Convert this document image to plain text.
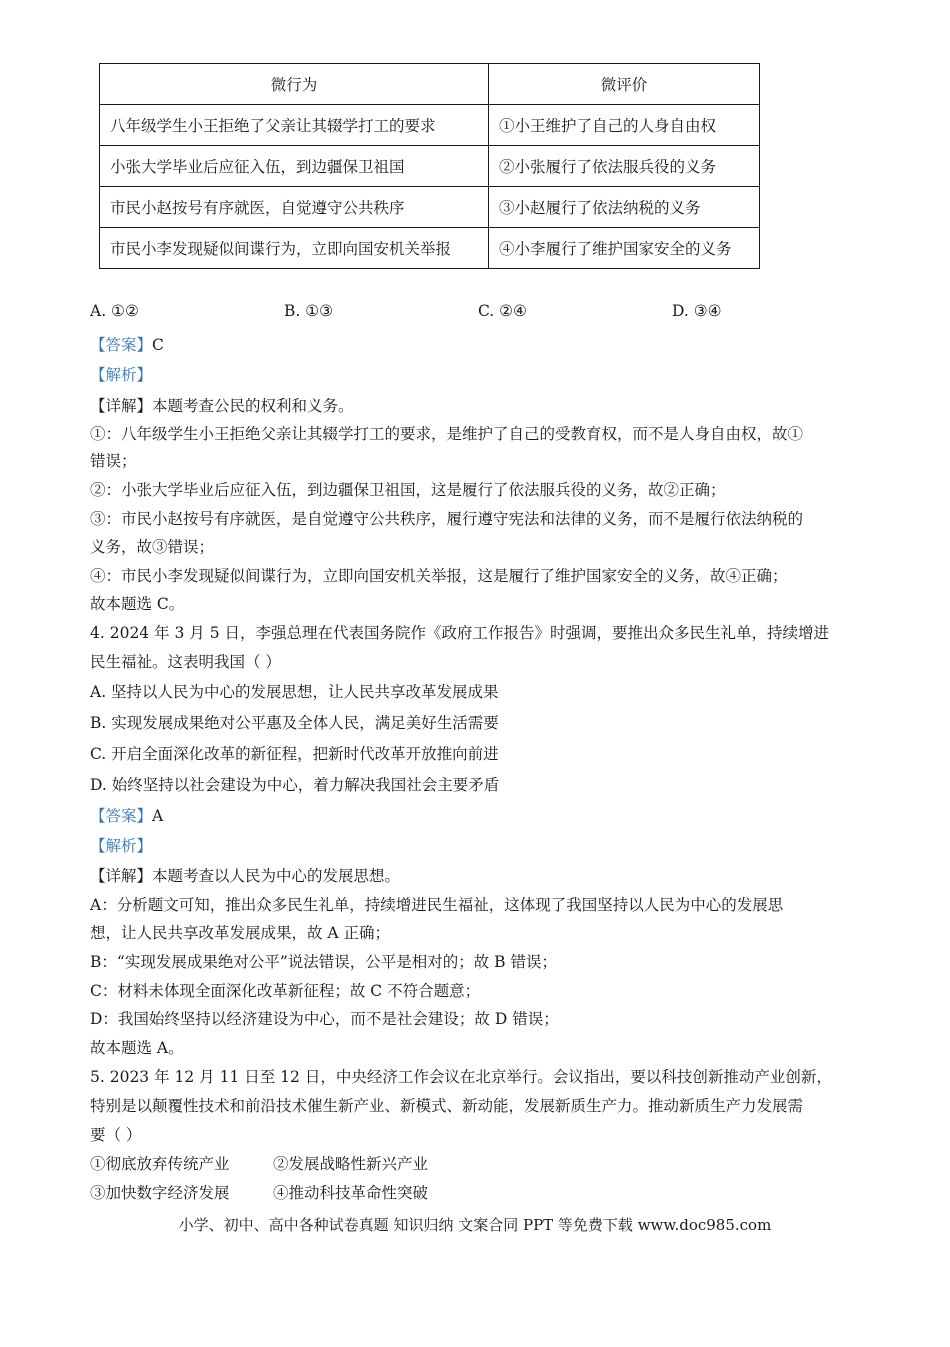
微行为	微评价
八年级学生小王拒绝了父亲让其辍学打工的要求	①小王维护了自己的人身自由权
小张大学毕业后应征入伍，到边疆保卫祖国	②小张履行了依法服兵役的义务
市民小赵按号有序就医，自觉遵守公共秩序	③小赵履行了依法纳税的义务
市民小李发现疑似间谍行为，立即向国安机关举报	④小李履行了维护国家安全的义务
A. ①②	B. ①③	C. ②④	D. ③④
【答案】C
【解析】
【详解】本题考查公民的权利和义务。
①：八年级学生小王拒绝父亲让其辍学打工的要求，是维护了自己的受教育权，而不是人身自由权，故①
错误；
②：小张大学毕业后应征入伍，到边疆保卫祖国，这是履行了依法服兵役的义务，故②正确；
③：市民小赵按号有序就医，是自觉遵守公共秩序，履行遵守宪法和法律的义务，而不是履行依法纳税的
义务，故③错误；
④：市民小李发现疑似间谍行为，立即向国安机关举报，这是履行了维护国家安全的义务，故④正确；
故本题选 C。
4. 2024 年 3 月 5 日，李强总理在代表国务院作《政府工作报告》时强调，要推出众多民生礼单，持续增进
民生福祉。这表明我国（ ）
A. 坚持以人民为中心的发展思想，让人民共享改革发展成果
B. 实现发展成果绝对公平惠及全体人民，满足美好生活需要
C. 开启全面深化改革的新征程，把新时代改革开放推向前进
D. 始终坚持以社会建设为中心，着力解决我国社会主要矛盾
【答案】A
【解析】
【详解】本题考查以人民为中心的发展思想。
A：分析题文可知，推出众多民生礼单，持续增进民生福祉，这体现了我国坚持以人民为中心的发展思
想，让人民共享改革发展成果，故 A 正确；
B：“实现发展成果绝对公平”说法错误，公平是相对的；故 B 错误；
C：材料未体现全面深化改革新征程；故 C 不符合题意；
D：我国始终坚持以经济建设为中心，而不是社会建设；故 D 错误；
故本题选 A。
5. 2023 年 12 月 11 日至 12 日，中央经济工作会议在北京举行。会议指出，要以科技创新推动产业创新，
特别是以颠覆性技术和前沿技术催生新产业、新模式、新动能，发展新质生产力。推动新质生产力发展需
要（ ）
①彻底放弃传统产业	②发展战略性新兴产业
③加快数字经济发展	④推动科技革命性突破
小学、初中、高中各种试卷真题 知识归纳 文案合同 PPT 等免费下载 www.doc985.com
